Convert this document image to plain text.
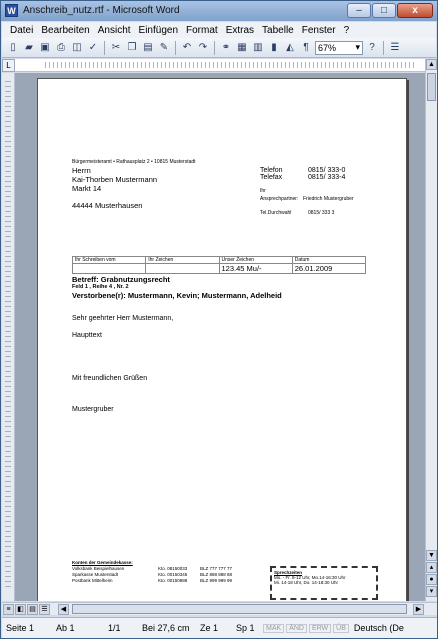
W Anschreib_nutz.rtf - Microsoft Word	–	□	x
Datei Bearbeiten Ansicht Einfügen Format Extras Tabelle Fenster ?
▯ ▰ ▣ ⎙ ◫ ✓ ✂ ❐ ▤ ✎ ↶ ↷ ⚭ ▦ ▥ ▮ ◭ ¶	67% ▾ ?	☰
L
Bürgermeisteramt • Rathausplatz 2 • 10815 Musterstadt
Herrn
Kai-Thorben Mustermann
Markt 14
44444 Musterhausen
Telefon	0815/ 333-0
Telefax	0815/ 333-4
Ihr
Ansprechpartner: Friedrich Mustergruber
Tel.Durchwahl	0815/ 333 3
Ihr Schreiben vom	Ihr Zeichen	Unser Zeichen	Datum
		123.45 Mu/-	26.01.2009
Betreff: Grabnutzungsrecht
Feld 1 , Reihe 4 , Nr. 2
Verstorbene(r): Mustermann, Kevin; Mustermann, Adelheid
Sehr geehrter Herr Mustermann,
Haupttext
Mit freundlichen Grüßen
Mustergruber
Konten der Gemeindekasse:
Volksbank Beispielhausen	Kto. 08150033	BLZ 777 777 77
Sparkasse Musterstadt	Kto. 00150345	BLZ 888 888 88
Postbank Mittelheim	Kto. 00150888	BLZ 999 999 99
Sprechzeiten
Mo. - Fr. 8-12 Uhr, Mo.14-16:30 Uhr
Mi. 14-18 Uhr, Do. 14-18:30 Uhr
▲
▼
▴
●
▾
≡ ◧ ▤ ☰	◀	▶
Seite 1	Ab 1	1/1	Bei 27,6 cm	Ze 1	Sp 1	MAK	ÄND	ERW	ÜB Deutsch (De
